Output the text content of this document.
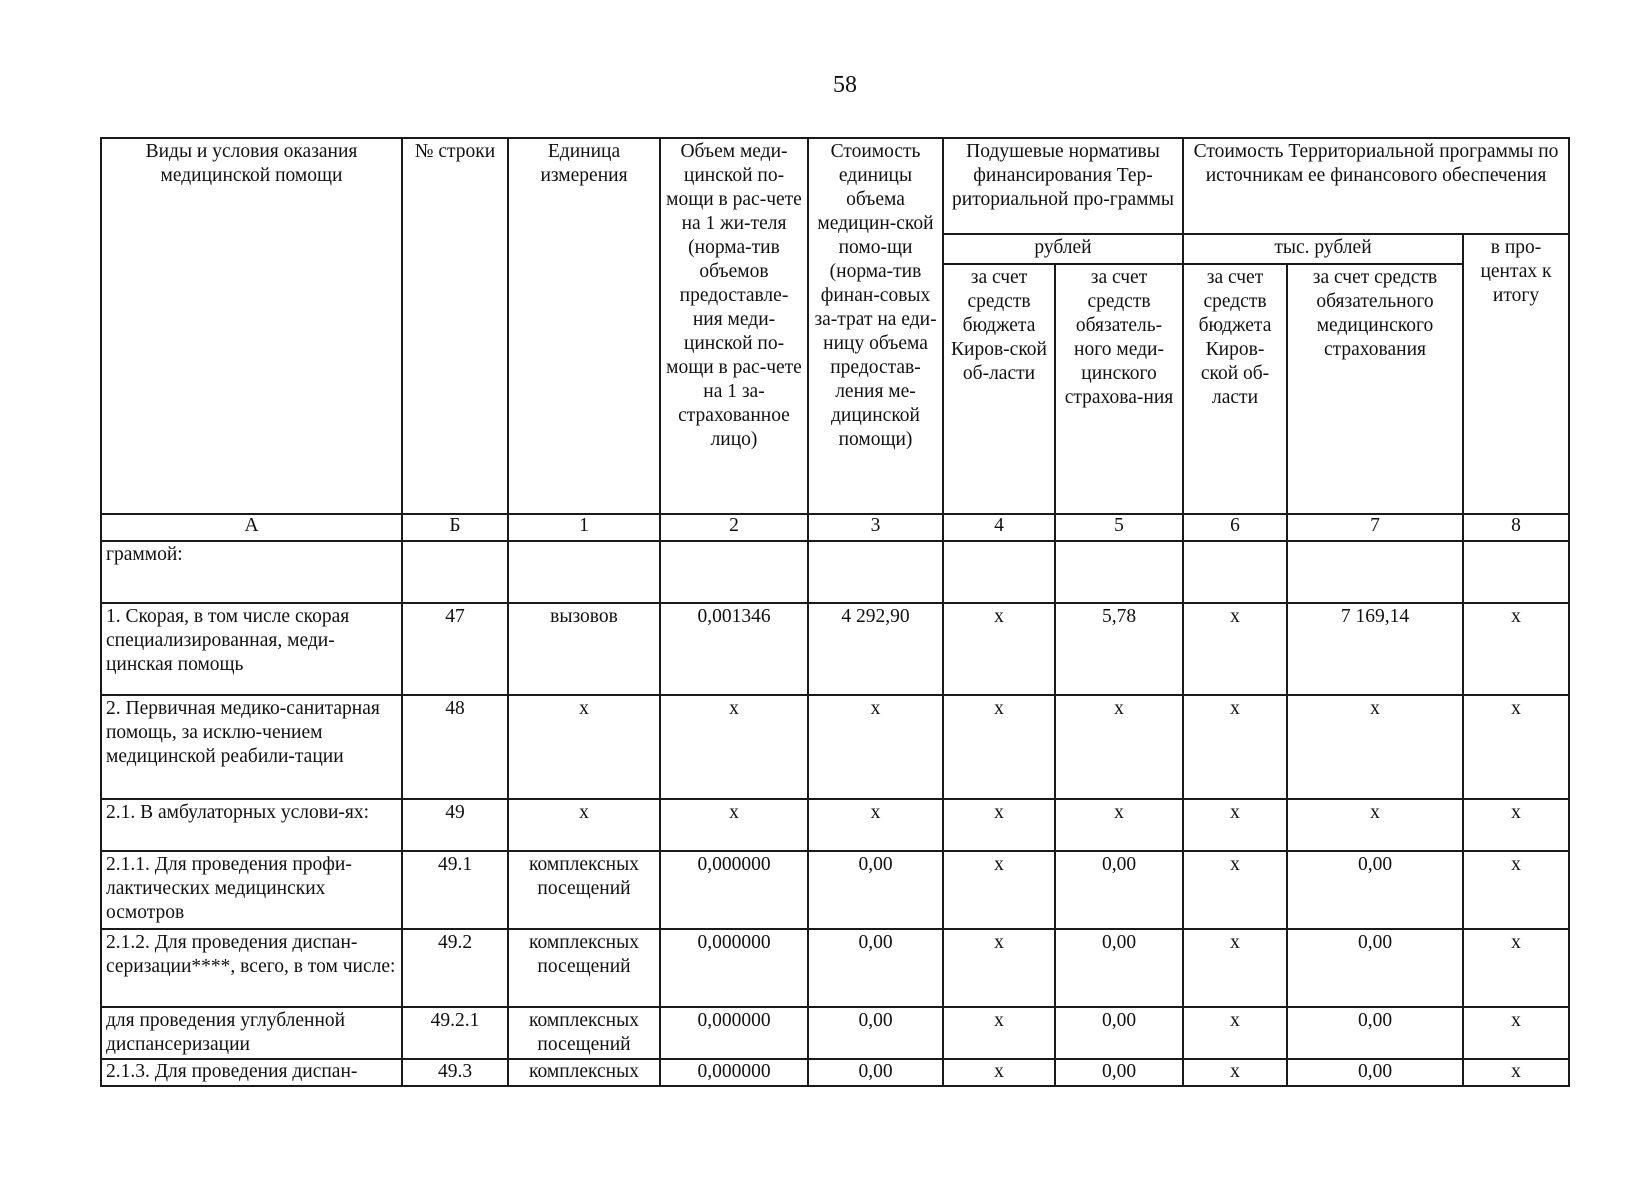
58
Виды и условия оказания медицинской помощи	№ строки	Единица измерения	Объем меди-цинской по-мощи в рас-чете на 1 жи-теля (норма-тив объемов предоставле-ния меди-цинской по-мощи в рас-чете на 1 за-страхованное лицо)	Стоимость единицы объема медицин-ской помо-щи (норма-тив финан-совых за-трат на еди-ницу объема предостав-ления ме-дицинской помощи)	Подушевые нормативы финансирования Тер-риториальной про-граммы		Стоимость Территориальной программы по источникам ее финансового обеспечения		
					рублей		тыс. рублей		в про-центах к итогу
					за счет средств бюджета Киров-ской об-ласти	за счет средств обязатель-ного меди-цинского страхова-ния	за счет средств бюджета Киров-ской об-ласти	за счет средств обязательного медицинского страхования	
А	Б	1	2	3	4	5	6	7	8
граммой:									
1. Скорая, в том числе скорая специализированная, меди-цинская помощь	47	вызовов	0,001346	4 292,90	х	5,78	х	7 169,14	х
2. Первичная медико-санитарная помощь, за исклю-чением медицинской реабили-тации	48	х	х	х	х	х	х	х	х
2.1. В амбулаторных услови-ях:	49	х	х	х	х	х	х	х	х
2.1.1. Для проведения профи-лактических медицинских осмотров	49.1	комплексных посещений	0,000000	0,00	х	0,00	х	0,00	х
2.1.2. Для проведения диспан-серизации****, всего, в том числе:	49.2	комплексных посещений	0,000000	0,00	х	0,00	х	0,00	х
для проведения углубленной диспансеризации	49.2.1	комплексных посещений	0,000000	0,00	х	0,00	х	0,00	х
2.1.3. Для проведения диспан-	49.3	комплексных	0,000000	0,00	х	0,00	х	0,00	х
